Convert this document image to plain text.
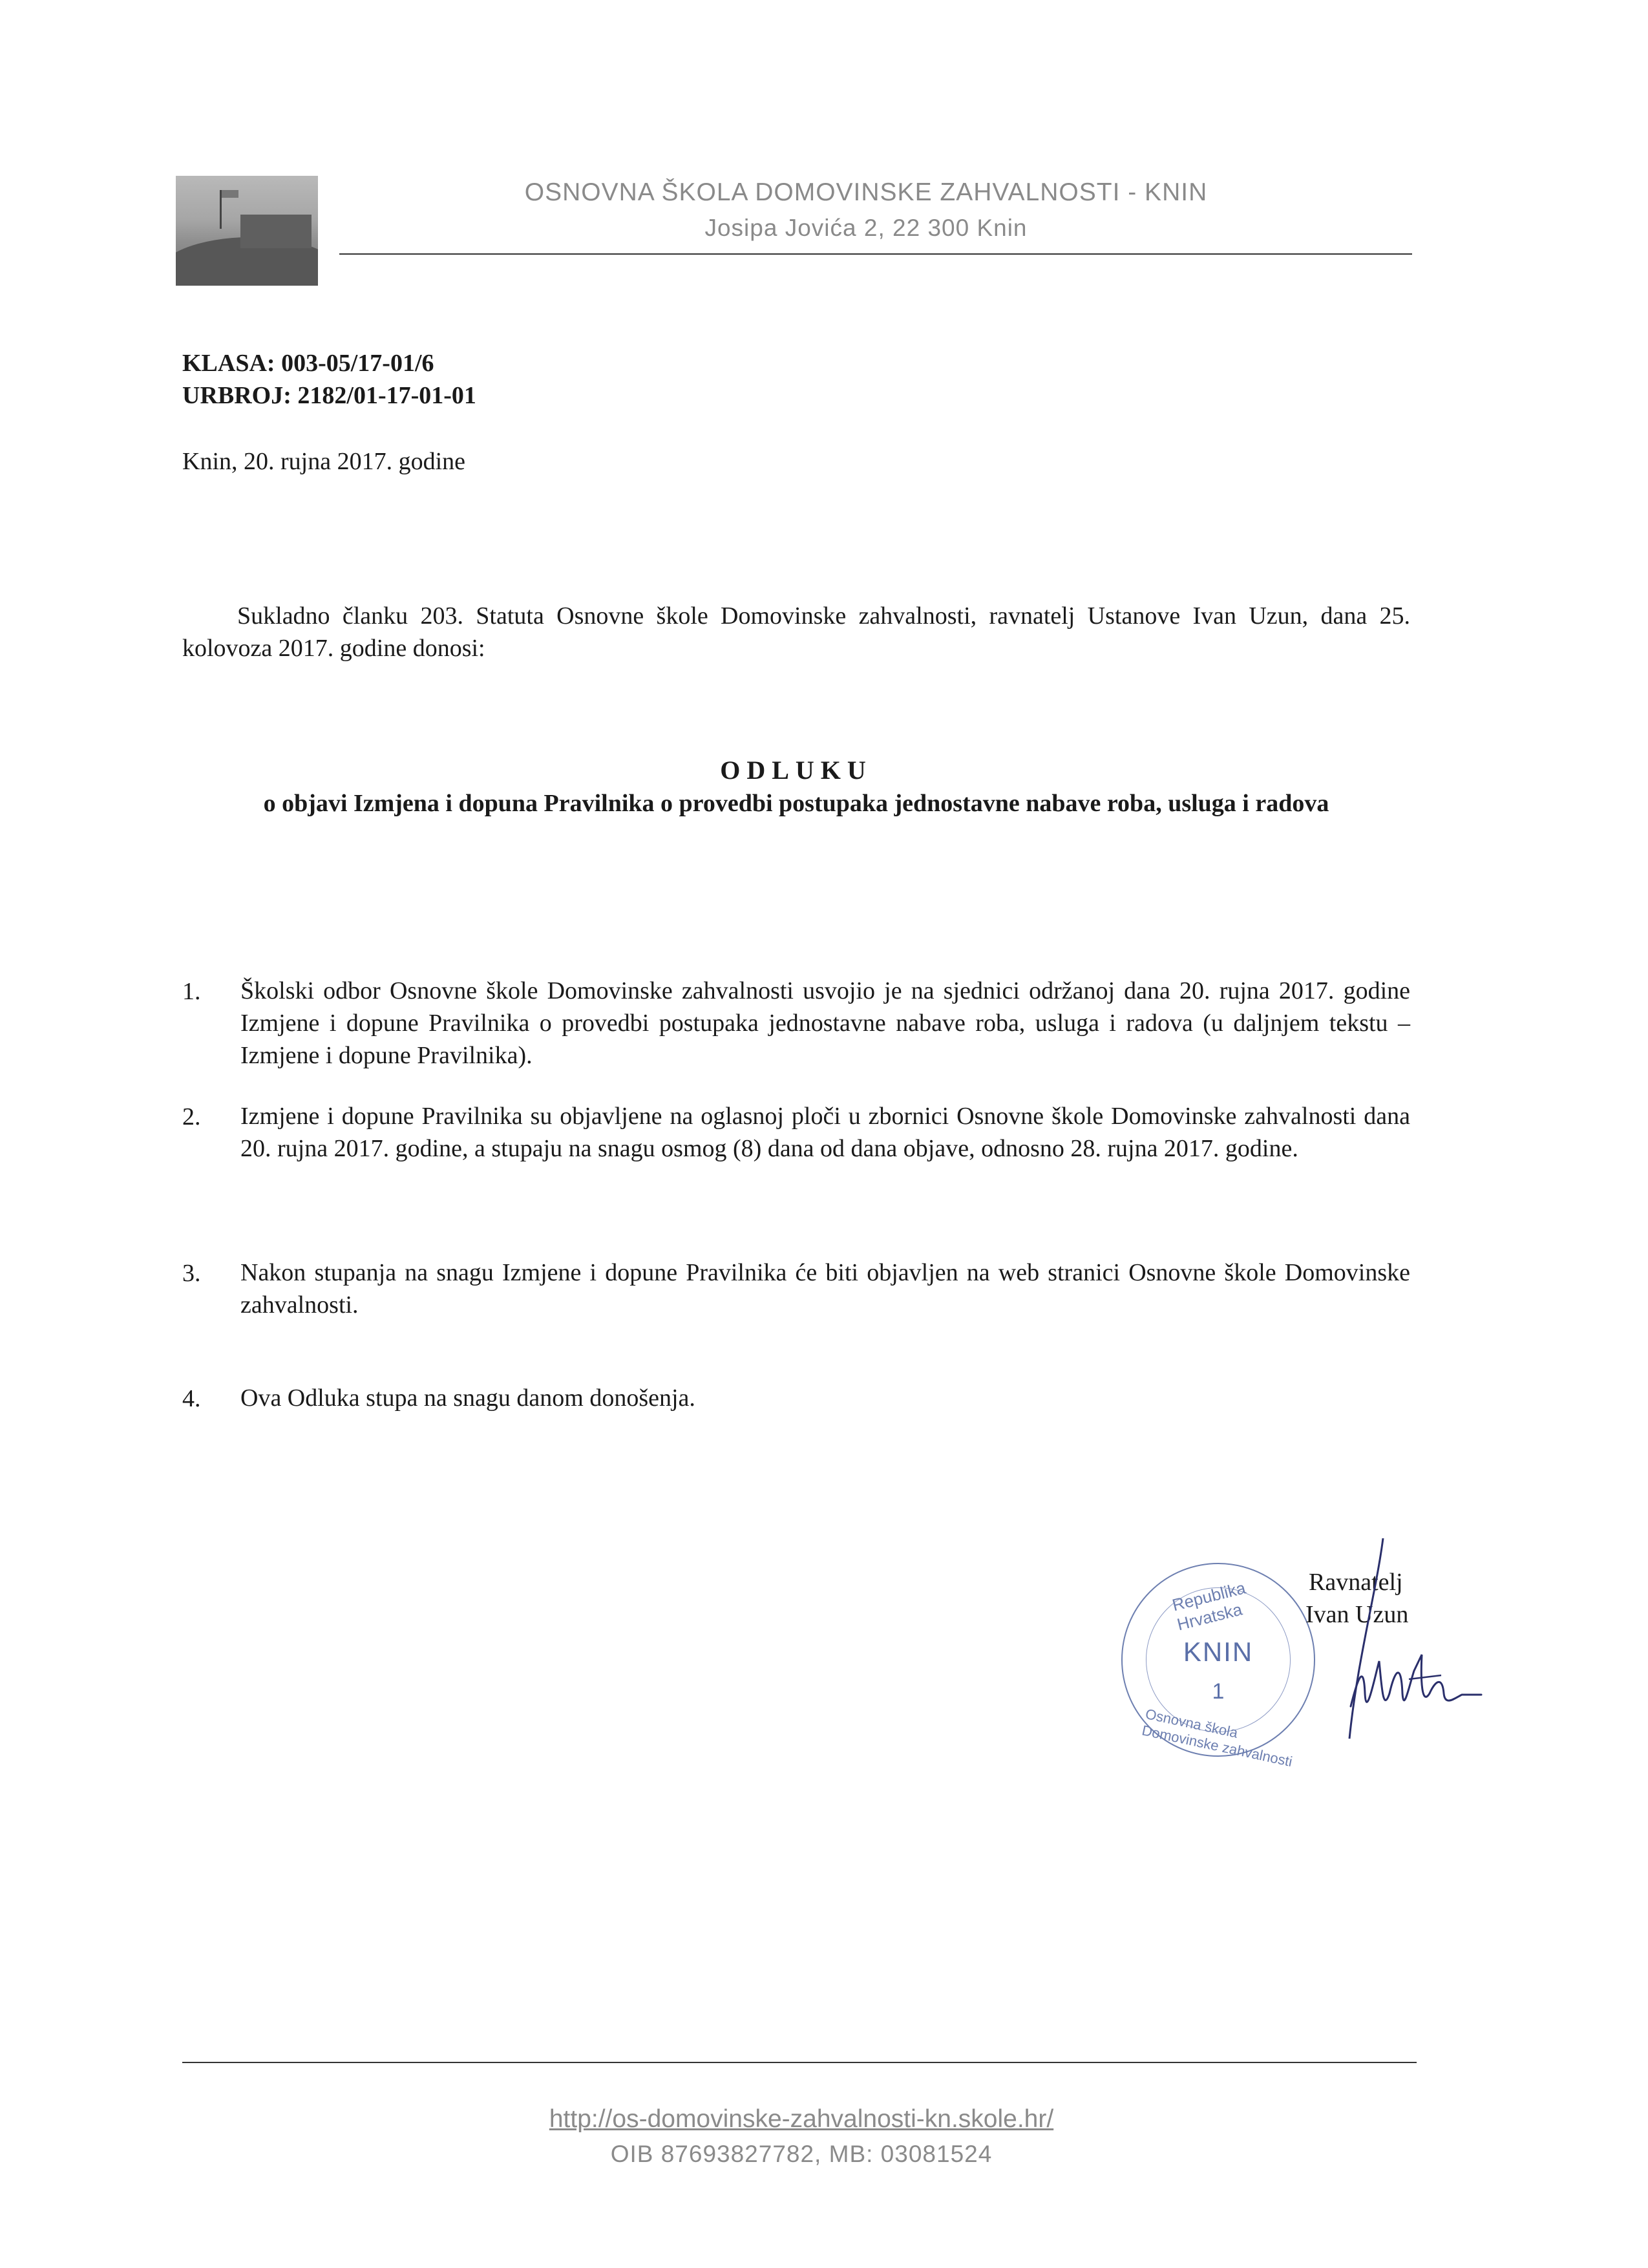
OSNOVNA ŠKOLA DOMOVINSKE ZAHVALNOSTI - KNIN
Josipa Jovića 2, 22 300 Knin
KLASA: 003-05/17-01/6
URBROJ: 2182/01-17-01-01
Knin, 20. rujna 2017. godine
Sukladno članku 203. Statuta Osnovne škole Domovinske zahvalnosti, ravnatelj Ustanove Ivan Uzun, dana 25. kolovoza 2017. godine donosi:
ODLUKU
o objavi Izmjena i dopuna Pravilnika o provedbi postupaka jednostavne nabave roba, usluga i radova
1. Školski odbor Osnovne škole Domovinske zahvalnosti usvojio je na sjednici održanoj dana 20. rujna 2017. godine Izmjene i dopune Pravilnika o provedbi postupaka jednostavne nabave roba, usluga i radova (u daljnjem tekstu – Izmjene i dopune Pravilnika).
2. Izmjene i dopune Pravilnika su objavljene na oglasnoj ploči u zbornici Osnovne škole Domovinske zahvalnosti dana 20. rujna 2017. godine, a stupaju na snagu osmog (8) dana od dana objave, odnosno 28. rujna 2017. godine.
3. Nakon stupanja na snagu Izmjene i dopune Pravilnika će biti objavljen na web stranici Osnovne škole Domovinske zahvalnosti.
4. Ova Odluka stupa na snagu danom donošenja.
Republika Hrvatska
KNIN
1
Osnovna škola Domovinske zahvalnosti
Ravnatelj
Ivan Uzun
http://os-domovinske-zahvalnosti-kn.skole.hr/
OIB 87693827782, MB: 03081524
